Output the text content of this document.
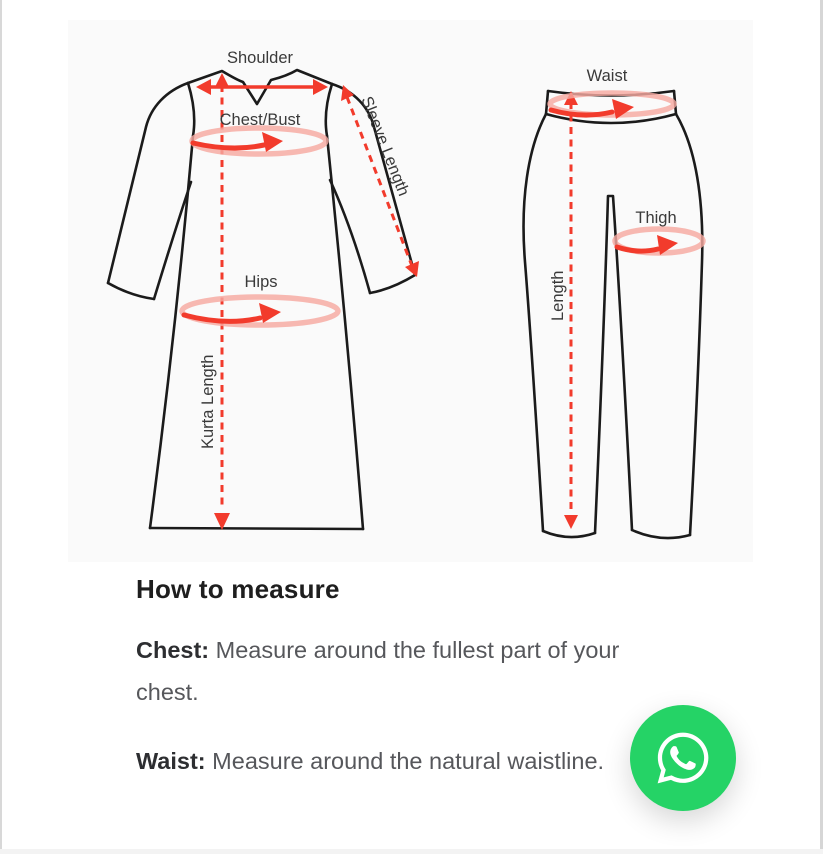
Shoulder
Chest/Bust	Sleeve Length
Hips
Kurta Length
Waist
Thigh
Length
How to measure

Chest: Measure around the fullest part of your chest.

Waist: Measure around the natural waistline.
